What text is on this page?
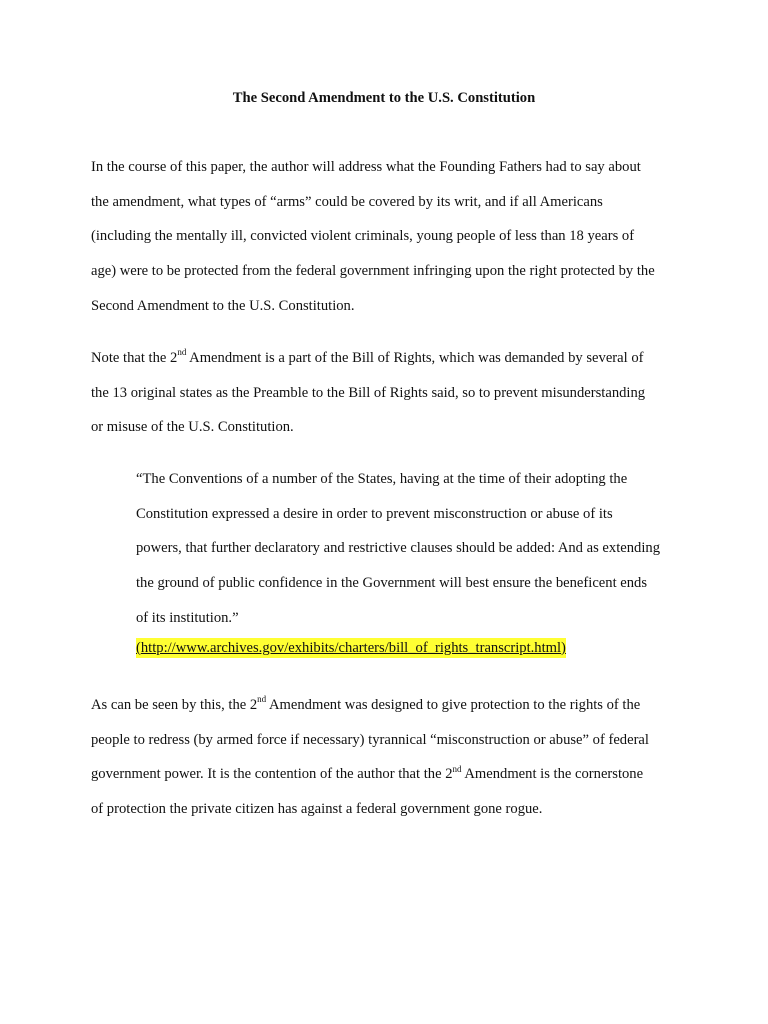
The Second Amendment to the U.S. Constitution

In the course of this paper, the author will address what the Founding Fathers had to say about
the amendment, what types of “arms” could be covered by its writ, and if all Americans
(including the mentally ill, convicted violent criminals, young people of less than 18 years of
age) were to be protected from the federal government infringing upon the right protected by the
Second Amendment to the U.S. Constitution.

Note that the 2nd Amendment is a part of the Bill of Rights, which was demanded by several of
the 13 original states as the Preamble to the Bill of Rights said, so to prevent misunderstanding
or misuse of the U.S. Constitution.

“The Conventions of a number of the States, having at the time of their adopting the
Constitution expressed a desire in order to prevent misconstruction or abuse of its
powers, that further declaratory and restrictive clauses should be added: And as extending
the ground of public confidence in the Government will best ensure the beneficent ends
of its institution.”
(http://www.archives.gov/exhibits/charters/bill_of_rights_transcript.html)

As can be seen by this, the 2nd Amendment was designed to give protection to the rights of the
people to redress (by armed force if necessary) tyrannical “misconstruction or abuse” of federal
government power. It is the contention of the author that the 2nd Amendment is the cornerstone
of protection the private citizen has against a federal government gone rogue.
